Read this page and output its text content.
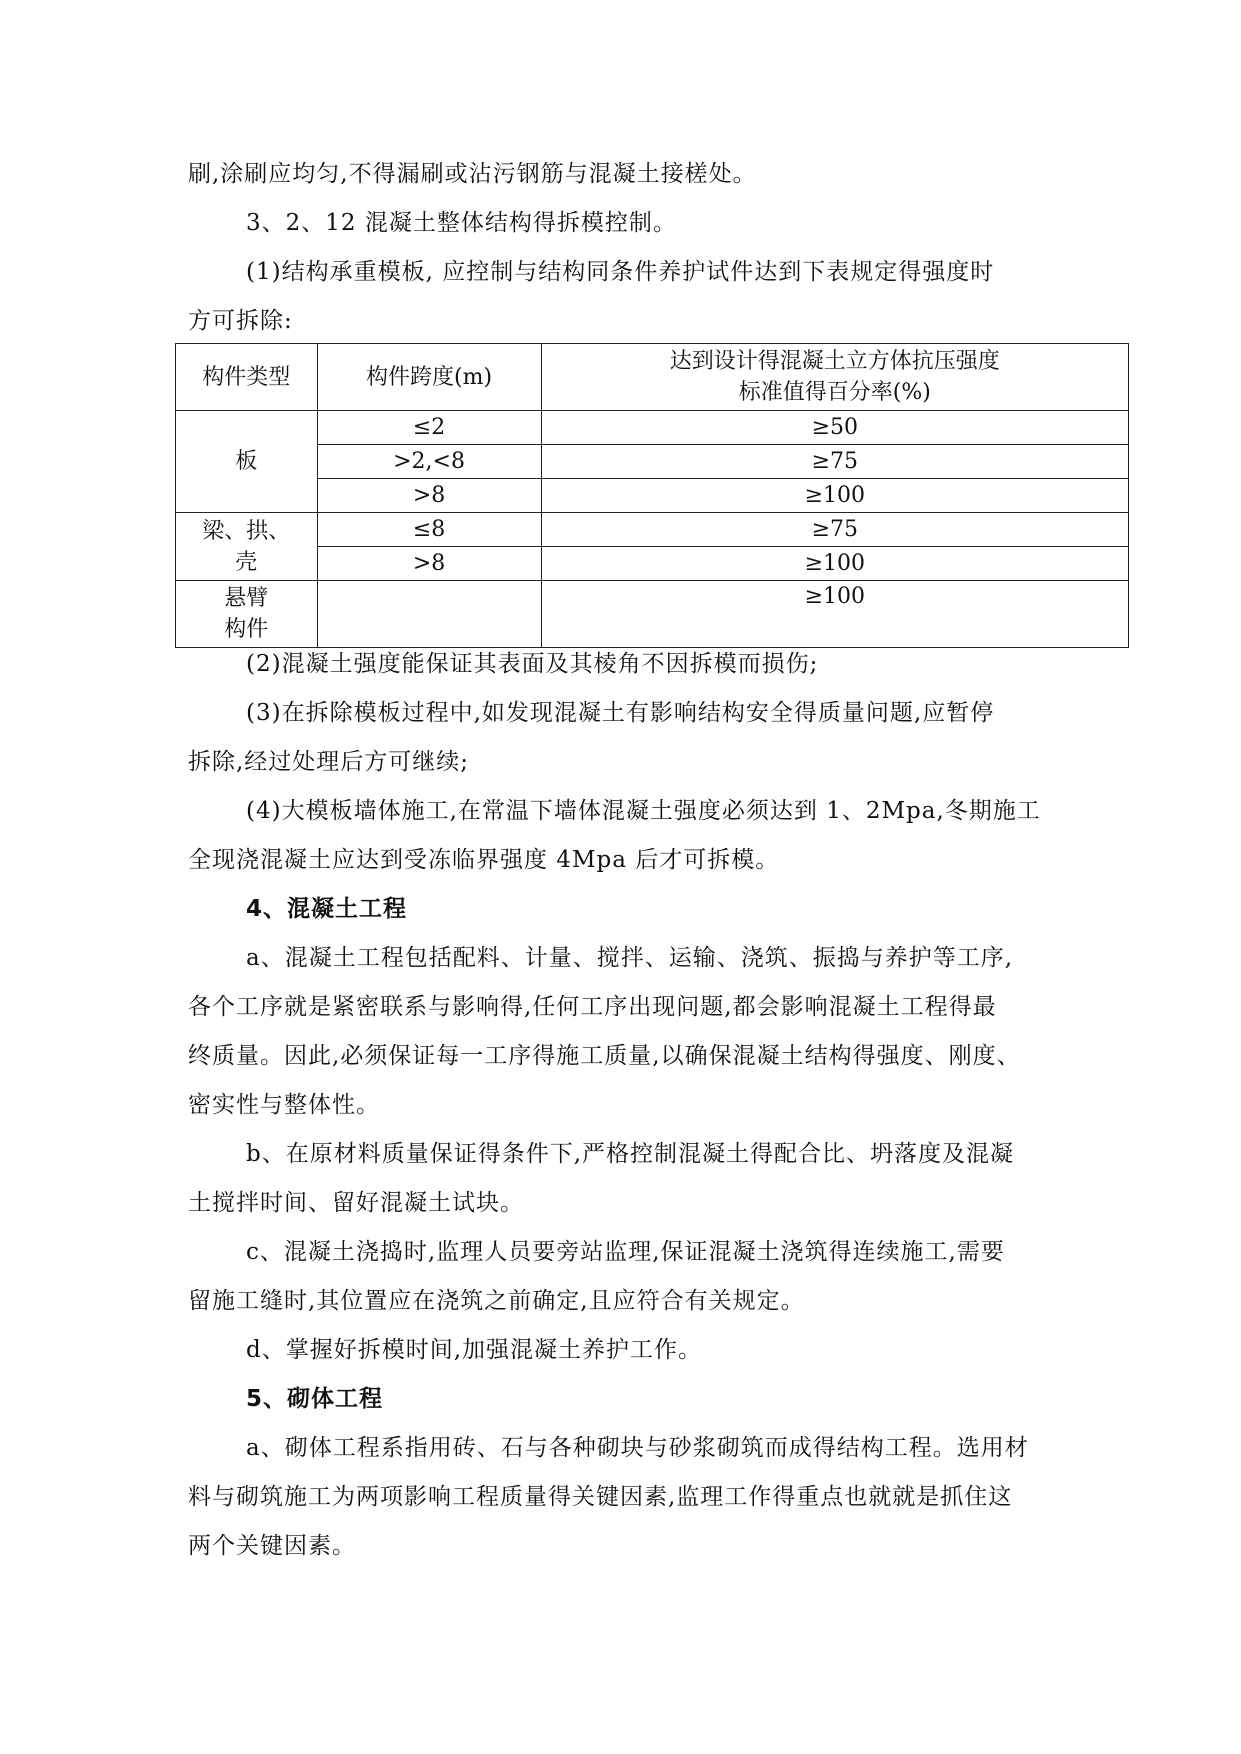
刷,涂刷应均匀,不得漏刷或沾污钢筋与混凝土接槎处。
3、2、12 混凝土整体结构得拆模控制。
(1)结构承重模板, 应控制与结构同条件养护试件达到下表规定得强度时
方可拆除:
构件类型	构件跨度(m)	达到设计得混凝土立方体抗压强度
标准值得百分率(%)

板	≤2	≥50
	>2,<8	≥75
	>8	≥100

梁、拱、
壳	≤8	≥75
	>8	≥100

悬臂
构件		≥100
(2)混凝土强度能保证其表面及其棱角不因拆模而损伤;
(3)在拆除模板过程中,如发现混凝土有影响结构安全得质量问题,应暂停
拆除,经过处理后方可继续;
(4)大模板墙体施工,在常温下墙体混凝土强度必须达到 1、2Mpa,冬期施工
全现浇混凝土应达到受冻临界强度 4Mpa 后才可拆模。
4、混凝土工程
a、混凝土工程包括配料、计量、搅拌、运输、浇筑、振捣与养护等工序,
各个工序就是紧密联系与影响得,任何工序出现问题,都会影响混凝土工程得最
终质量。因此,必须保证每一工序得施工质量,以确保混凝土结构得强度、刚度、
密实性与整体性。
b、在原材料质量保证得条件下,严格控制混凝土得配合比、坍落度及混凝
土搅拌时间、留好混凝土试块。
c、混凝土浇捣时,监理人员要旁站监理,保证混凝土浇筑得连续施工,需要
留施工缝时,其位置应在浇筑之前确定,且应符合有关规定。
d、掌握好拆模时间,加强混凝土养护工作。
5、砌体工程
a、砌体工程系指用砖、石与各种砌块与砂浆砌筑而成得结构工程。选用材
料与砌筑施工为两项影响工程质量得关键因素,监理工作得重点也就就是抓住这
两个关键因素。
